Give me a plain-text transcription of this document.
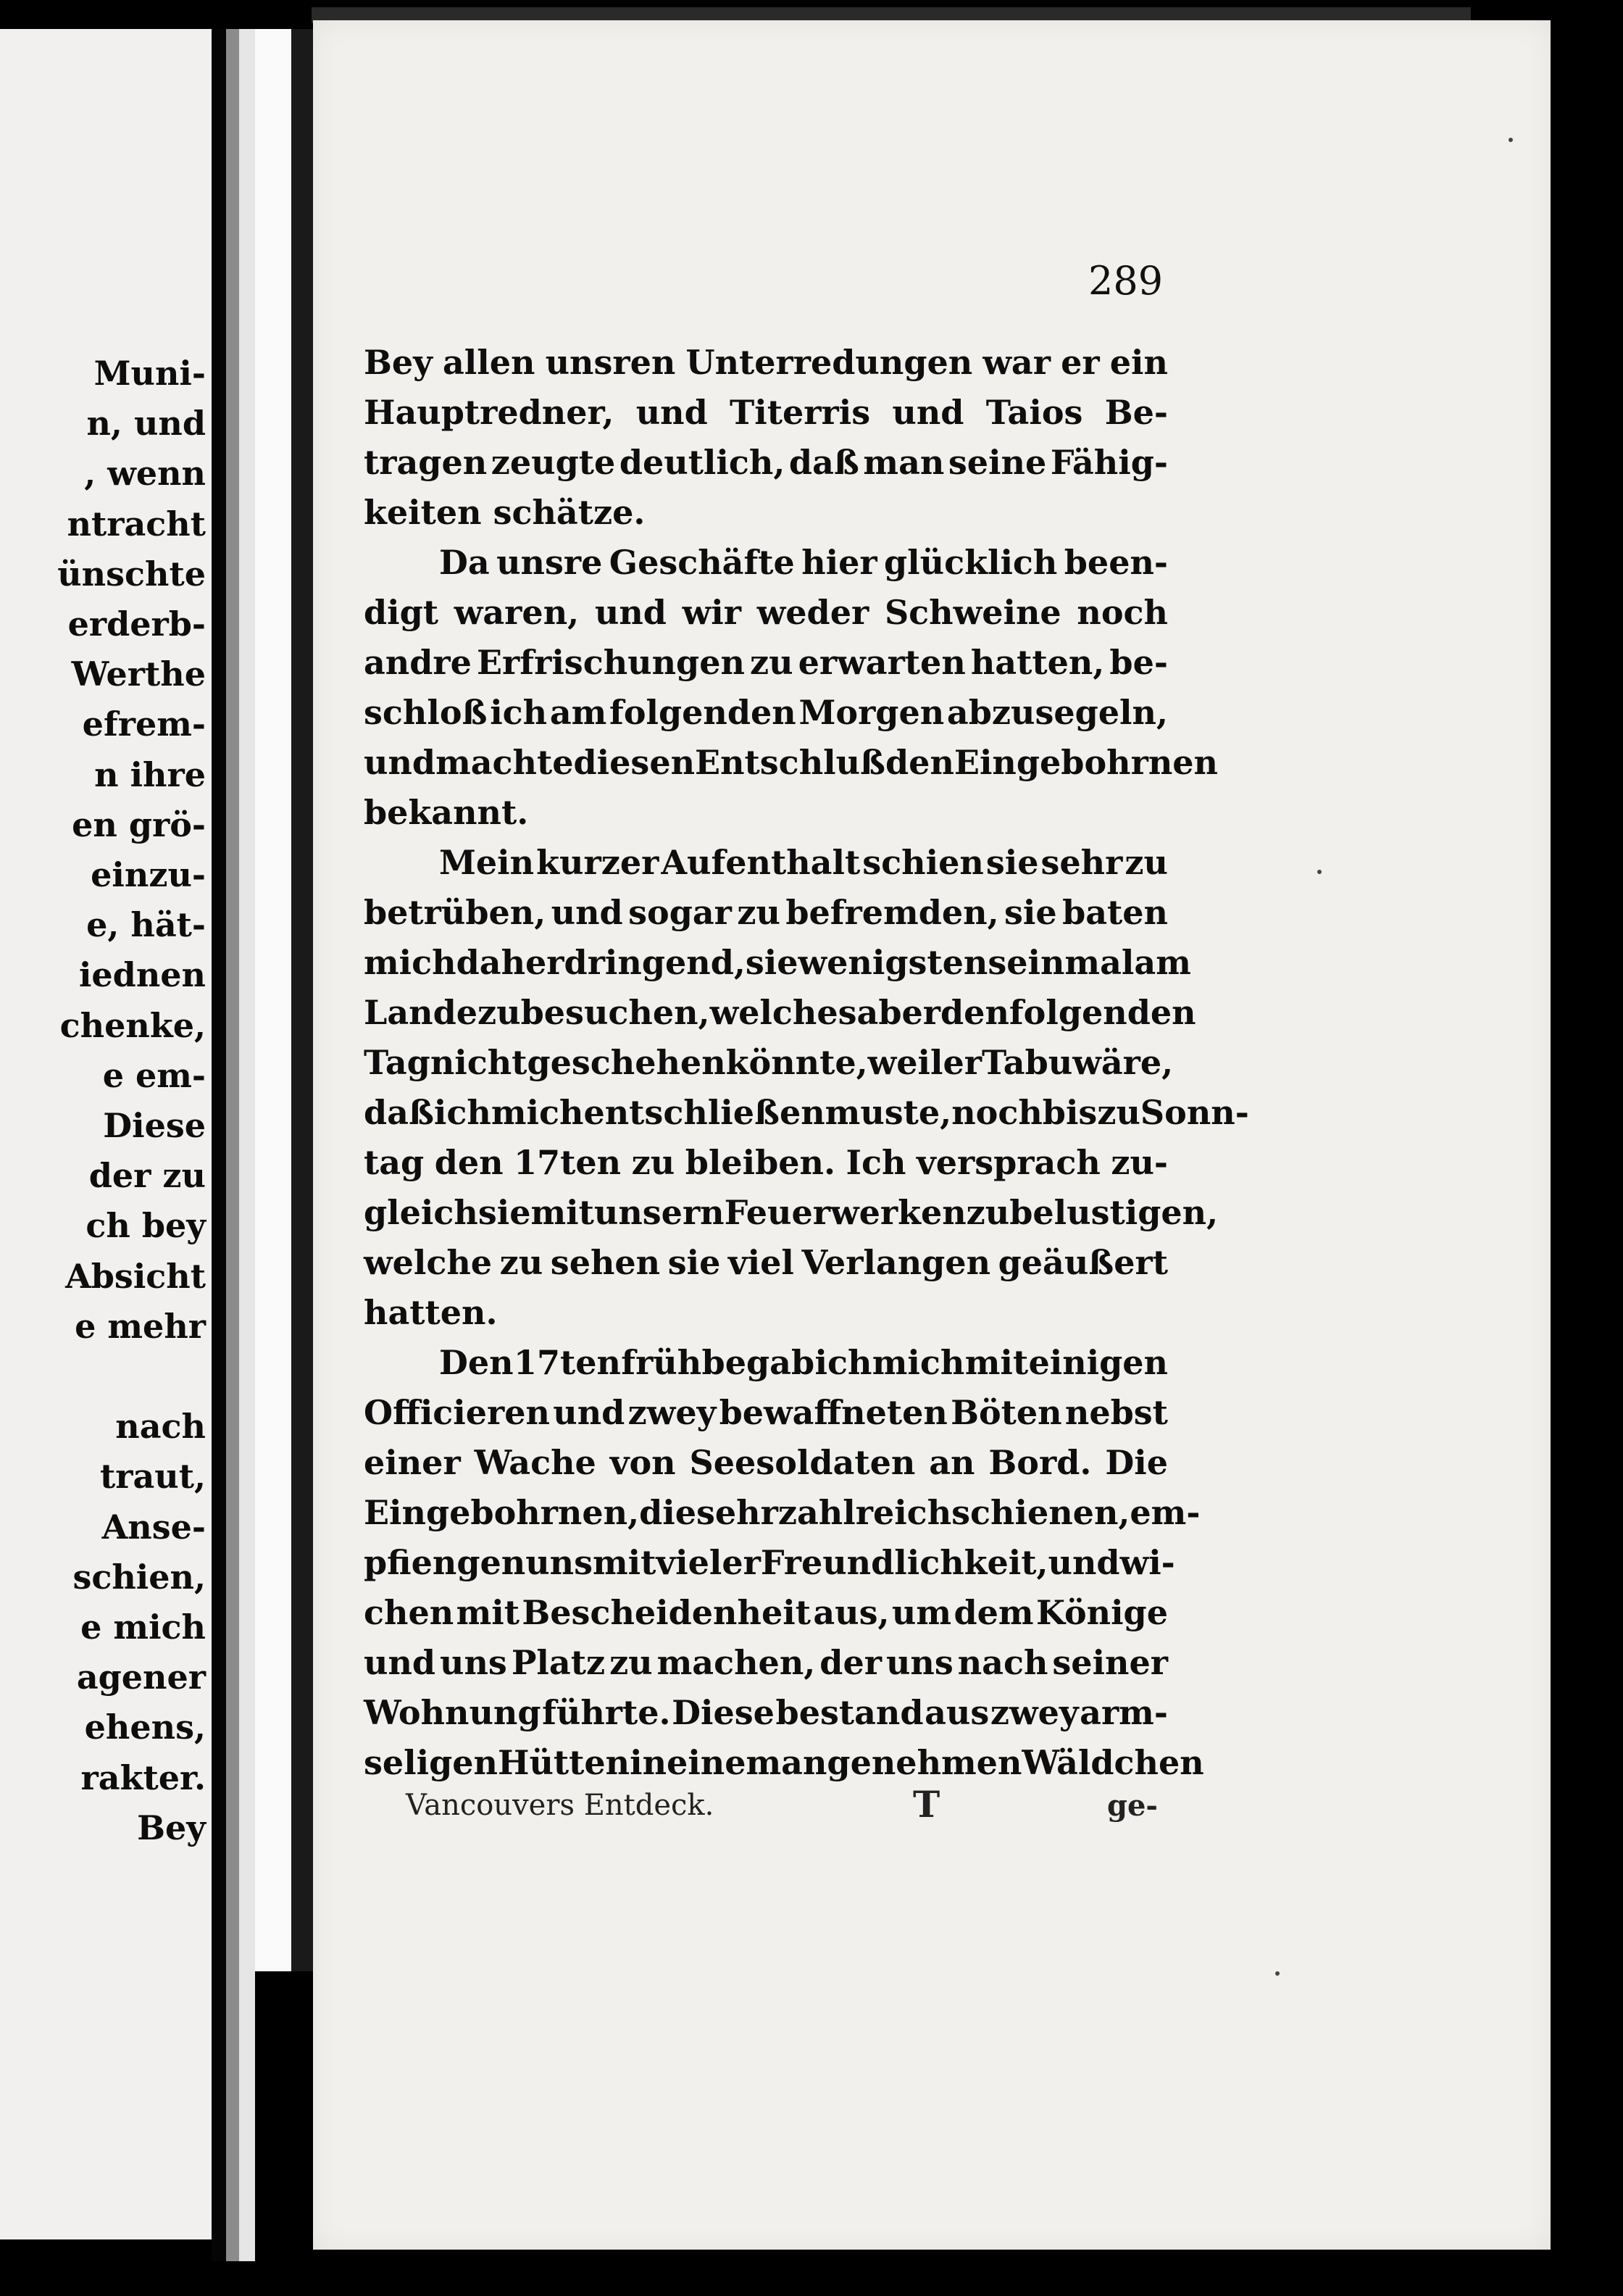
Muni-
n, und
, wenn
ntracht
ünschte
erderb-
Werthe
efrem-
n ihre
en grö-
einzu-
e, hät-
iednen
chenke,
e em-
Diese
der zu
ch bey
Absicht
e mehr
nach
traut,
Anse-
schien,
e mich
agener
ehens,
rakter.
Bey
289
Bey allen unsren Unterredungen war er ein
Hauptredner, und Titerris und Taios Be-
tragen zeugte deutlich, daß man seine Fähig-
keiten schätze.
Da unsre Geschäfte hier glücklich been-
digt waren, und wir weder Schweine noch
andre Erfrischungen zu erwarten hatten, be-
schloß ich am folgenden Morgen abzusegeln,
und machte diesen Entschluß den Eingebohrnen
bekannt.
Mein kurzer Aufenthalt schien sie sehr zu
betrüben, und sogar zu befremden, sie baten
mich daher dringend, sie wenigstens einmal am
Lande zu besuchen, welches aber den folgenden
Tag nicht geschehen könnte, weil er Tabu wäre,
daß ich mich entschließen muste, noch bis zu Sonn-
tag den 17ten zu bleiben. Ich versprach zu-
gleich sie mit unsern Feuerwerken zu belustigen,
welche zu sehen sie viel Verlangen geäußert
hatten.
Den 17ten früh begab ich mich mit einigen
Officieren und zwey bewaffneten Böten nebst
einer Wache von Seesoldaten an Bord. Die
Eingebohrnen, die sehr zahlreich schienen, em-
pfiengen uns mit vieler Freundlichkeit, und wi-
chen mit Bescheidenheit aus, um dem Könige
und uns Platz zu machen, der uns nach seiner
Wohnung führte. Diese bestand aus zwey arm-
seligen Hütten in einem angenehmen Wäldchen
Vancouvers Entdeck.	T	ge-
